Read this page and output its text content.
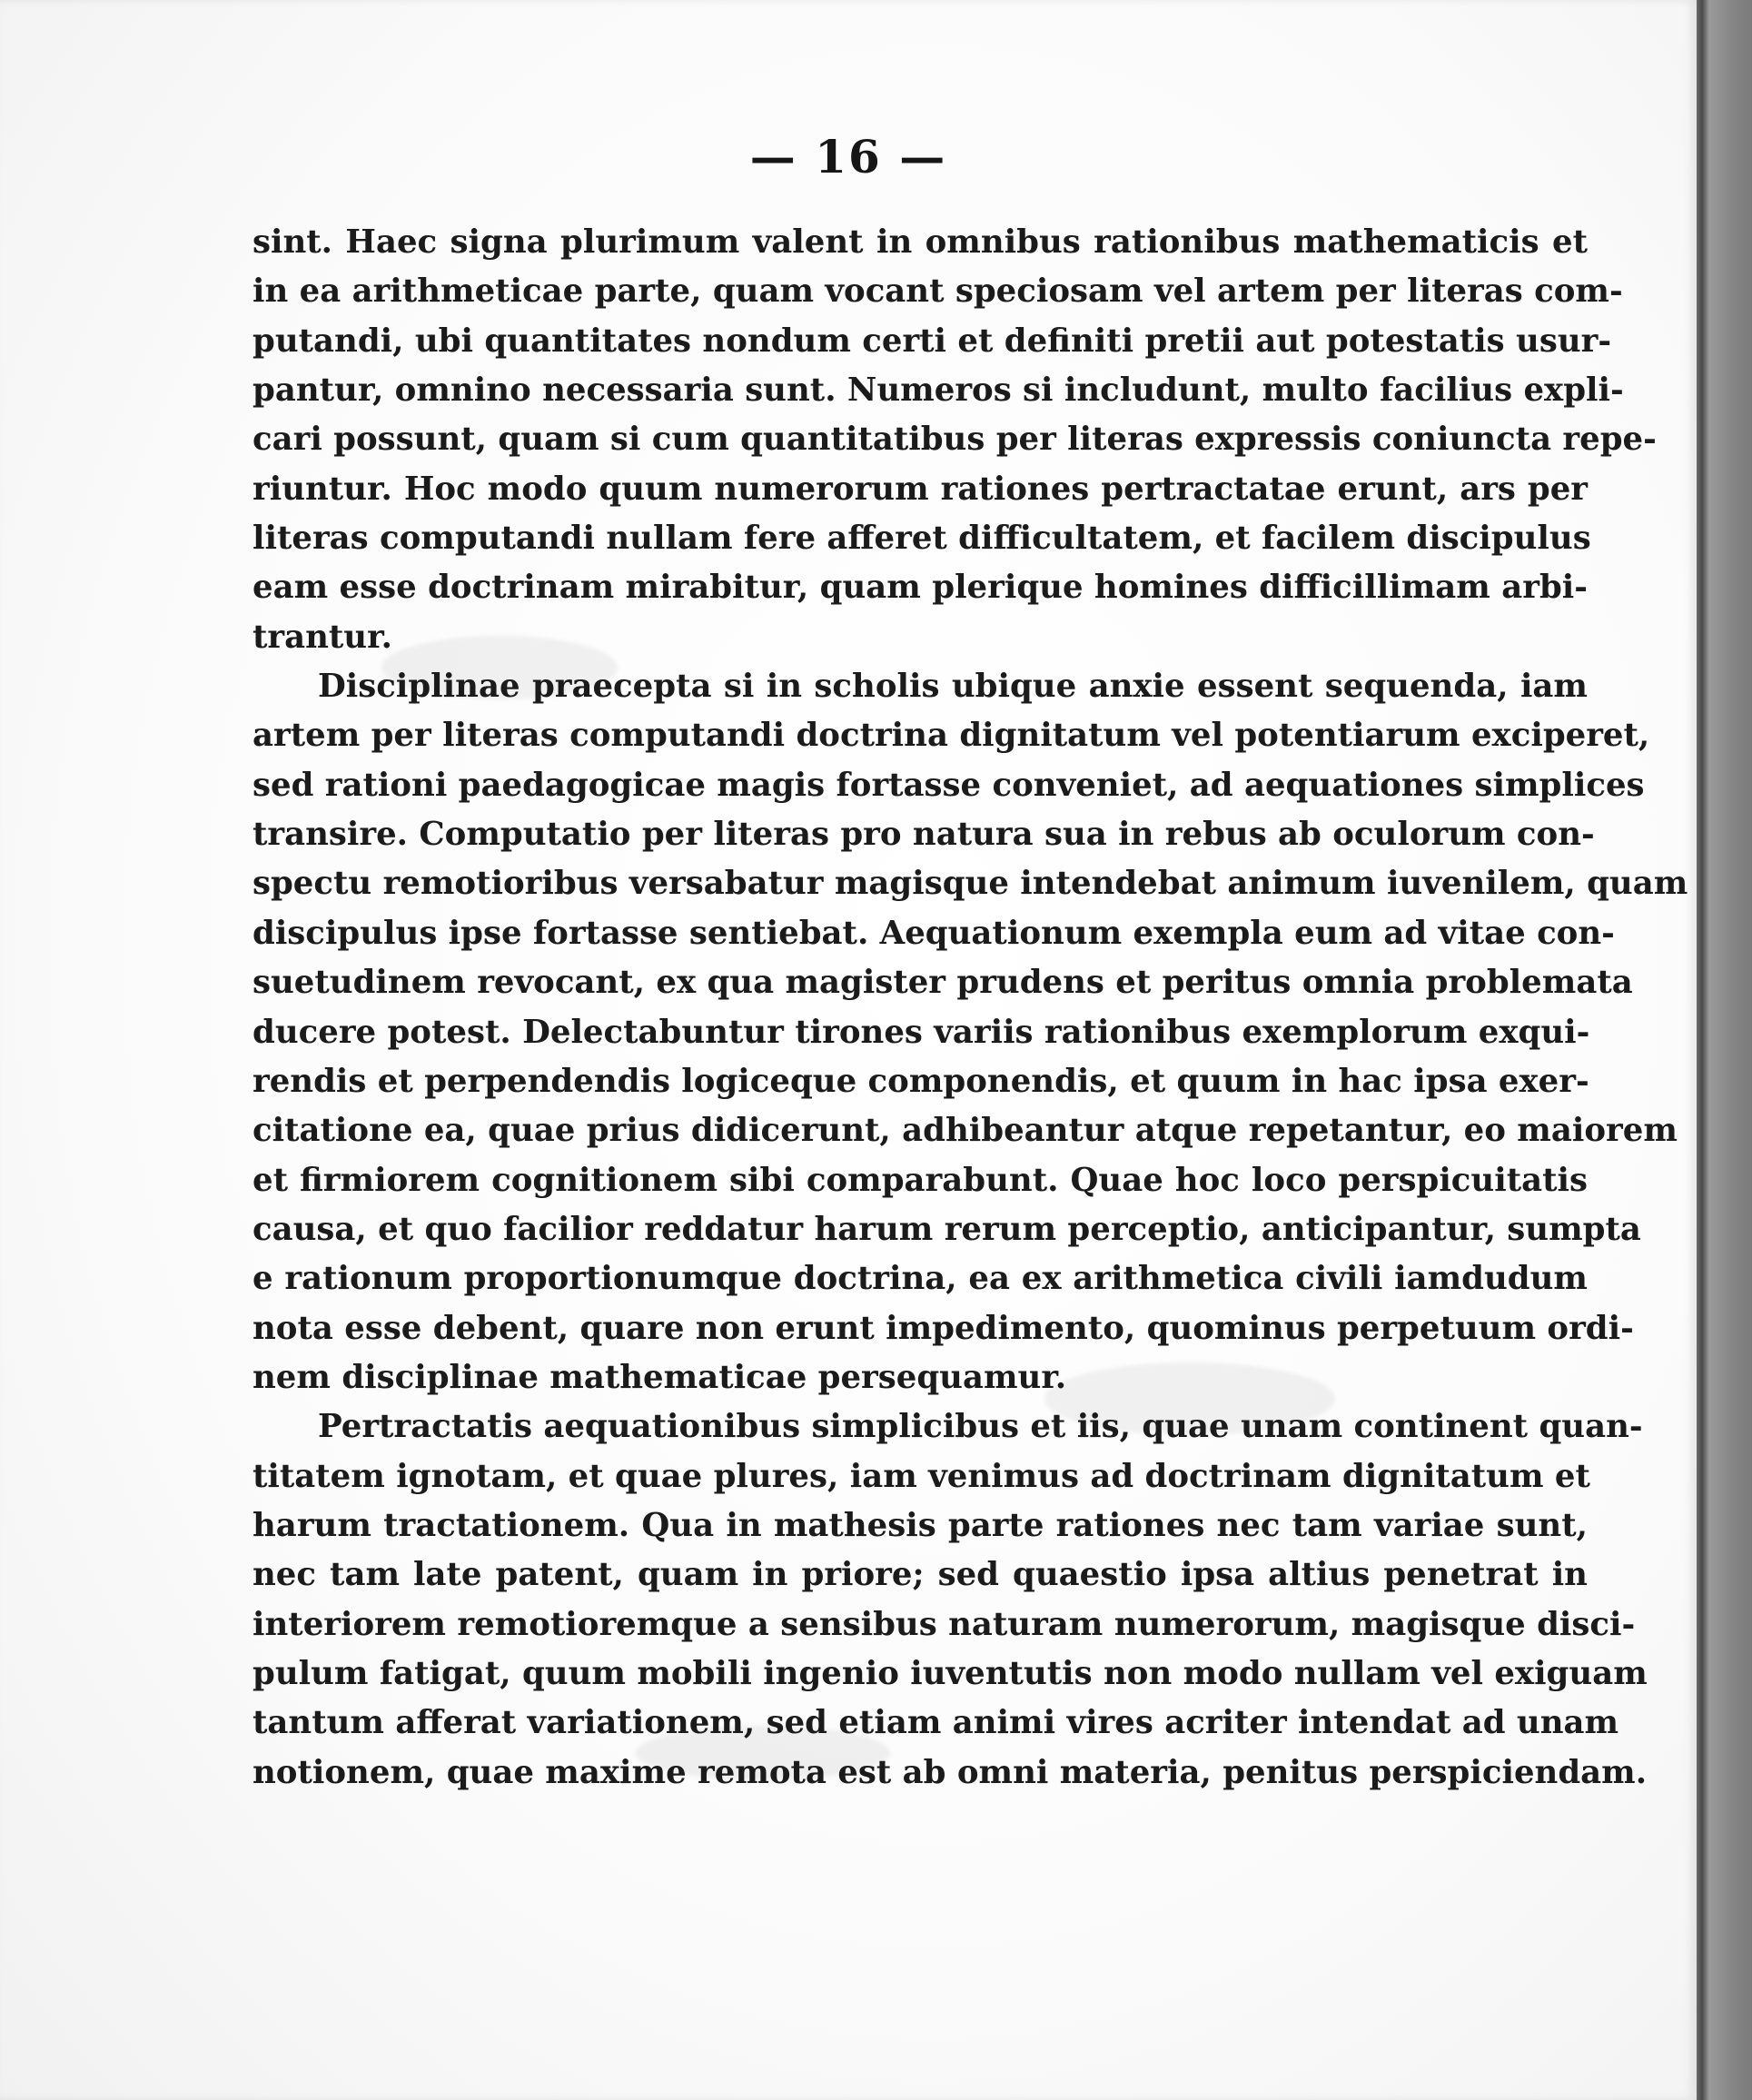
— 16 —
sint. Haec signa plurimum valent in omnibus rationibus mathematicis et
in ea arithmeticae parte, quam vocant speciosam vel artem per literas com-
putandi, ubi quantitates nondum certi et definiti pretii aut potestatis usur-
pantur, omnino necessaria sunt. Numeros si includunt, multo facilius expli-
cari possunt, quam si cum quantitatibus per literas expressis coniuncta repe-
riuntur. Hoc modo quum numerorum rationes pertractatae erunt, ars per
literas computandi nullam fere afferet difficultatem, et facilem discipulus
eam esse doctrinam mirabitur, quam plerique homines difficillimam arbi-
trantur.
Disciplinae praecepta si in scholis ubique anxie essent sequenda, iam
artem per literas computandi doctrina dignitatum vel potentiarum exciperet,
sed rationi paedagogicae magis fortasse conveniet, ad aequationes simplices
transire. Computatio per literas pro natura sua in rebus ab oculorum con-
spectu remotioribus versabatur magisque intendebat animum iuvenilem, quam
discipulus ipse fortasse sentiebat. Aequationum exempla eum ad vitae con-
suetudinem revocant, ex qua magister prudens et peritus omnia problemata
ducere potest. Delectabuntur tirones variis rationibus exemplorum exqui-
rendis et perpendendis logiceque componendis, et quum in hac ipsa exer-
citatione ea, quae prius didicerunt, adhibeantur atque repetantur, eo maiorem
et firmiorem cognitionem sibi comparabunt. Quae hoc loco perspicuitatis
causa, et quo facilior reddatur harum rerum perceptio, anticipantur, sumpta
e rationum proportionumque doctrina, ea ex arithmetica civili iamdudum
nota esse debent, quare non erunt impedimento, quominus perpetuum ordi-
nem disciplinae mathematicae persequamur.
Pertractatis aequationibus simplicibus et iis, quae unam continent quan-
titatem ignotam, et quae plures, iam venimus ad doctrinam dignitatum et
harum tractationem. Qua in mathesis parte rationes nec tam variae sunt,
nec tam late patent, quam in priore; sed quaestio ipsa altius penetrat in
interiorem remotioremque a sensibus naturam numerorum, magisque disci-
pulum fatigat, quum mobili ingenio iuventutis non modo nullam vel exiguam
tantum afferat variationem, sed etiam animi vires acriter intendat ad unam
notionem, quae maxime remota est ab omni materia, penitus perspiciendam.
